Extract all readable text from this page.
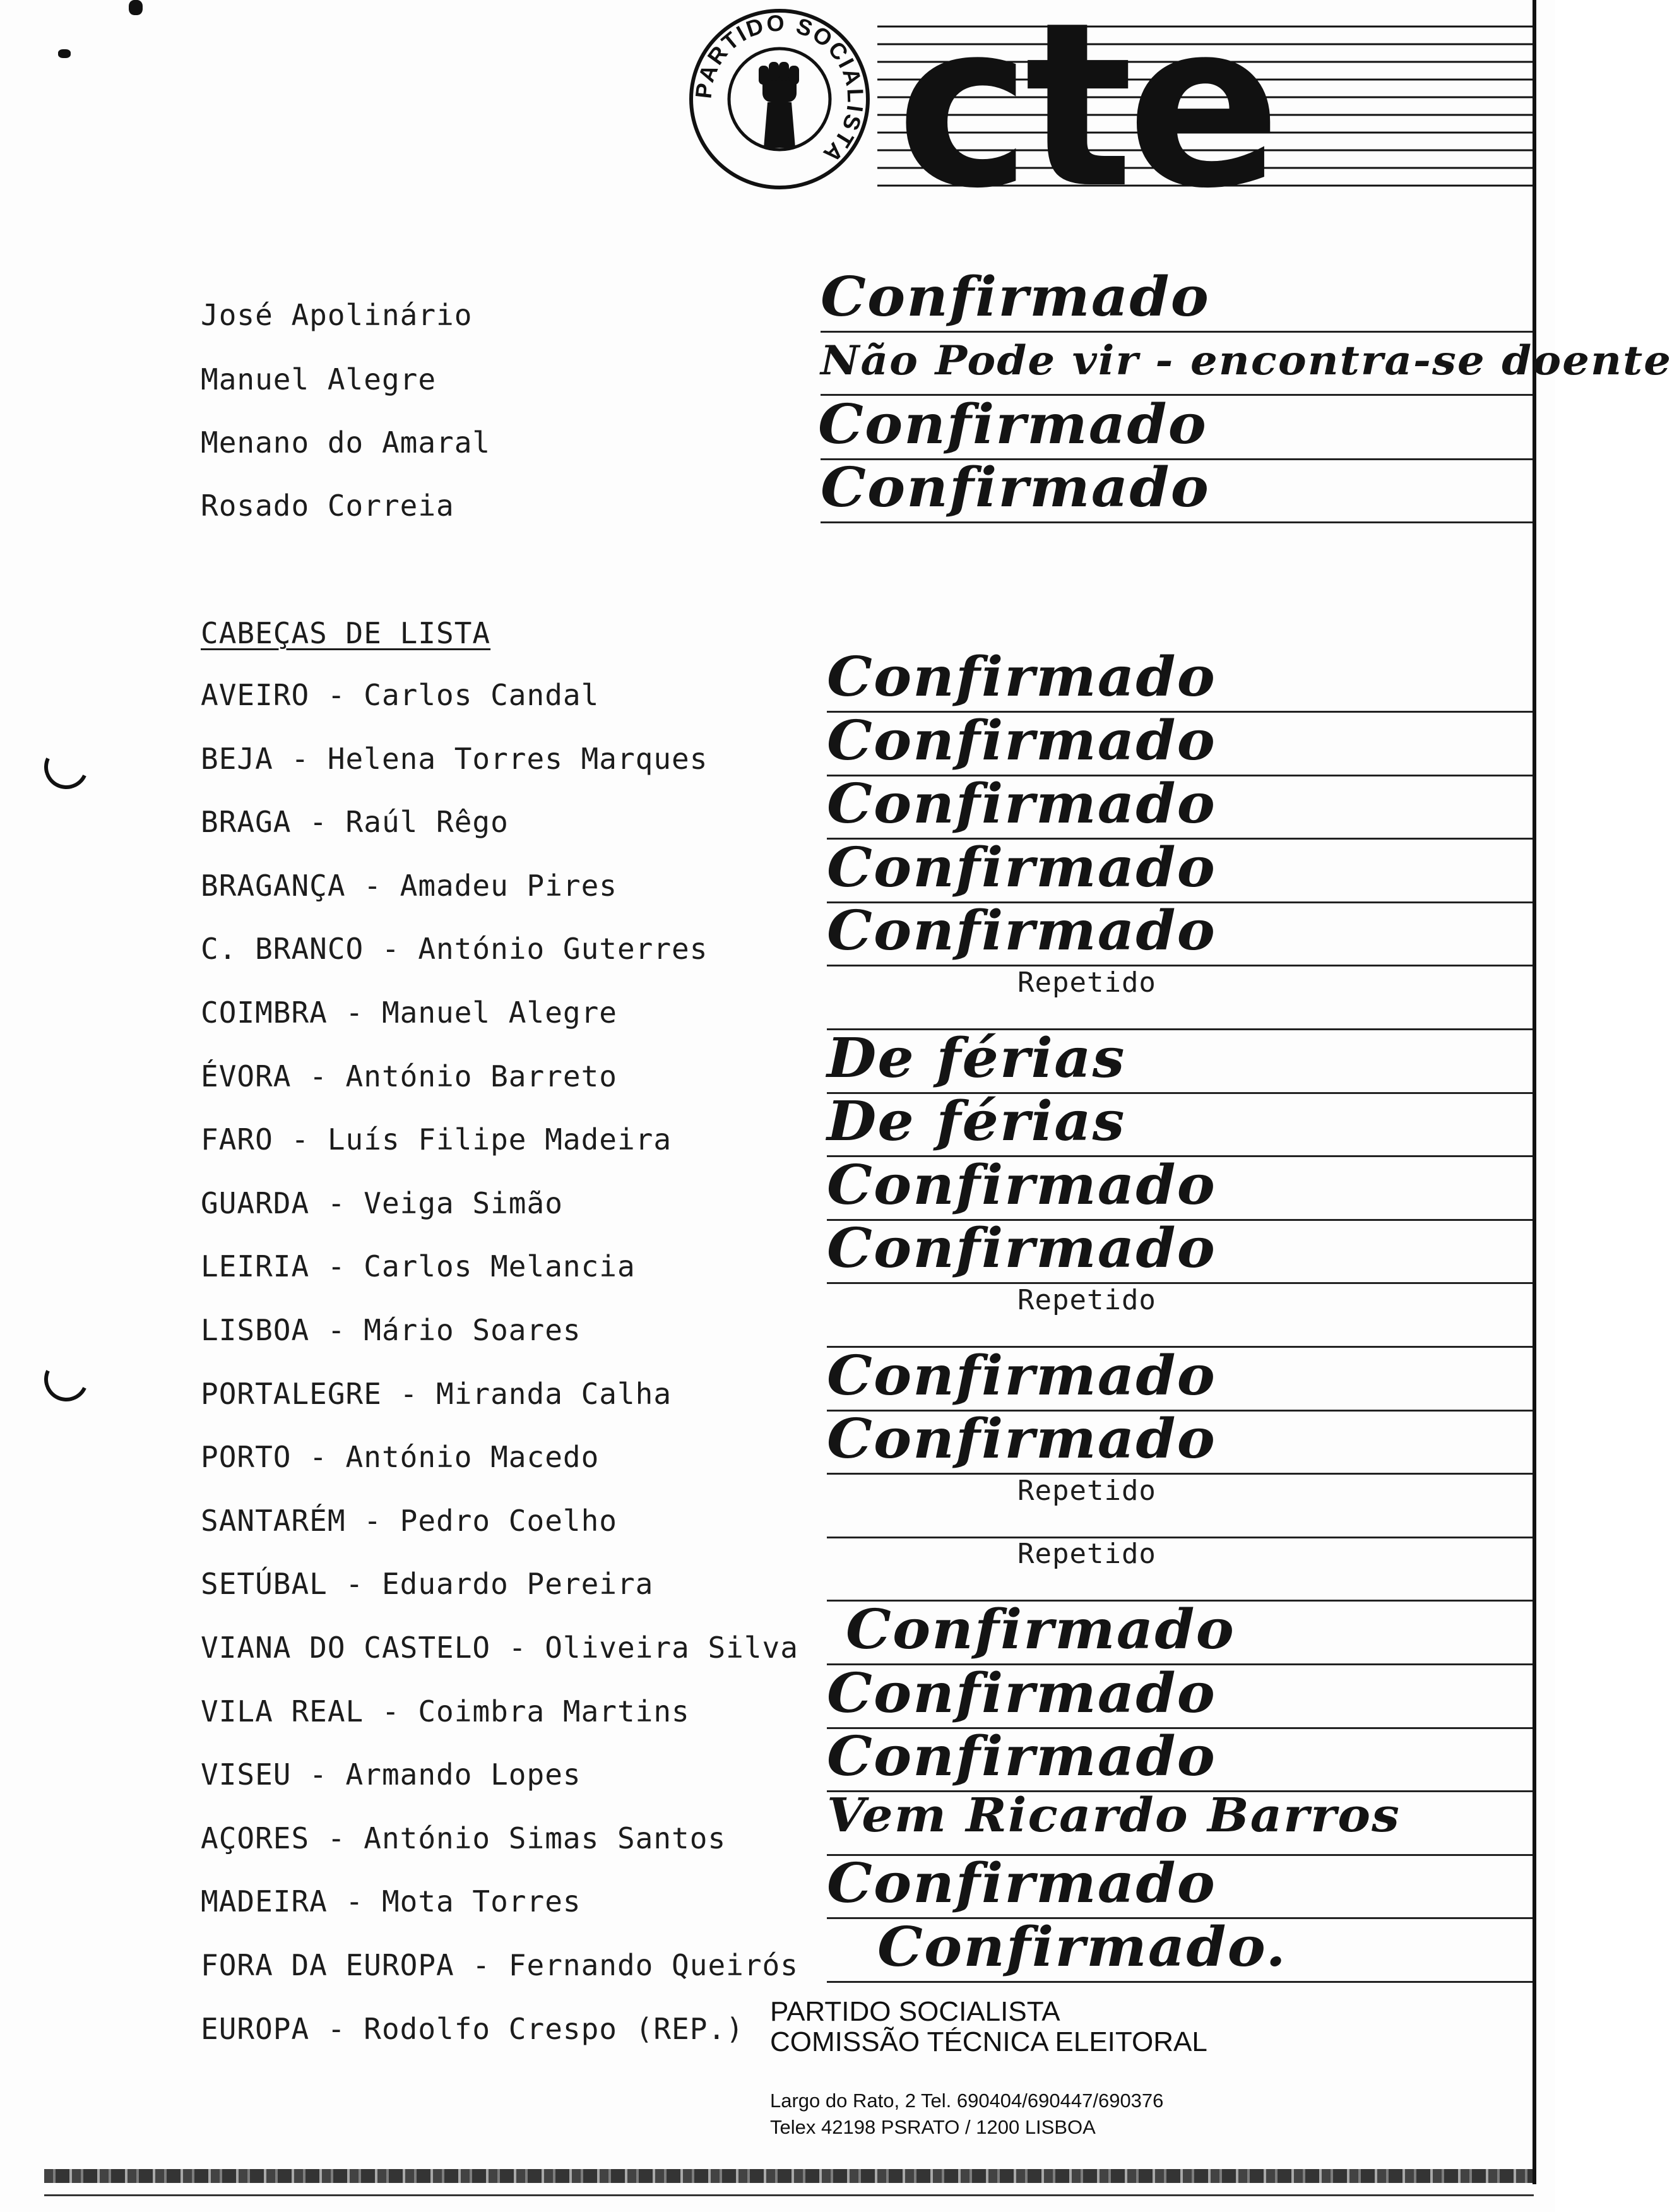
PARTIDO SOCIALISTA cte
José Apolinário	Confirmado
Manuel Alegre	Não Pode vir - encontra-se doente
Menano do Amaral	Confirmado
Rosado Correia	Confirmado
CABEÇAS DE LISTA
AVEIRO - Carlos Candal	Confirmado
BEJA - Helena Torres Marques Confirmado
BRAGA - Raúl Rêgo	Confirmado
BRAGANÇA - Amadeu Pires	Confirmado
C. BRANCO - António Guterres Confirmado
COIMBRA - Manuel Alegre
Repetido
ÉVORA - António Barreto	De férias
FARO - Luís Filipe Madeira	De férias
GUARDA - Veiga Simão	Confirmado
LEIRIA - Carlos Melancia	Confirmado
LISBOA - Mário Soares
Repetido
PORTALEGRE - Miranda Calha	Confirmado
PORTO - António Macedo	Confirmado
SANTARÉM - Pedro Coelho
Repetido
SETÚBAL - Eduardo Pereira
Repetido
VIANA DO CASTELO - Oliveira Silva Confirmado
VILA REAL - Coimbra Martins	Confirmado
VISEU - Armando Lopes	Confirmado
AÇORES - António Simas Santos Vem Ricardo Barros
MADEIRA - Mota Torres	Confirmado
FORA DA EUROPA - Fernando Queirós Confirmado.
EUROPA - Rodolfo Crespo (REP.)
PARTIDO SOCIALISTA
COMISSÃO TÉCNICA ELEITORAL
Largo do Rato, 2 Tel. 690404/690447/690376
Telex 42198 PSRATO / 1200 LISBOA
